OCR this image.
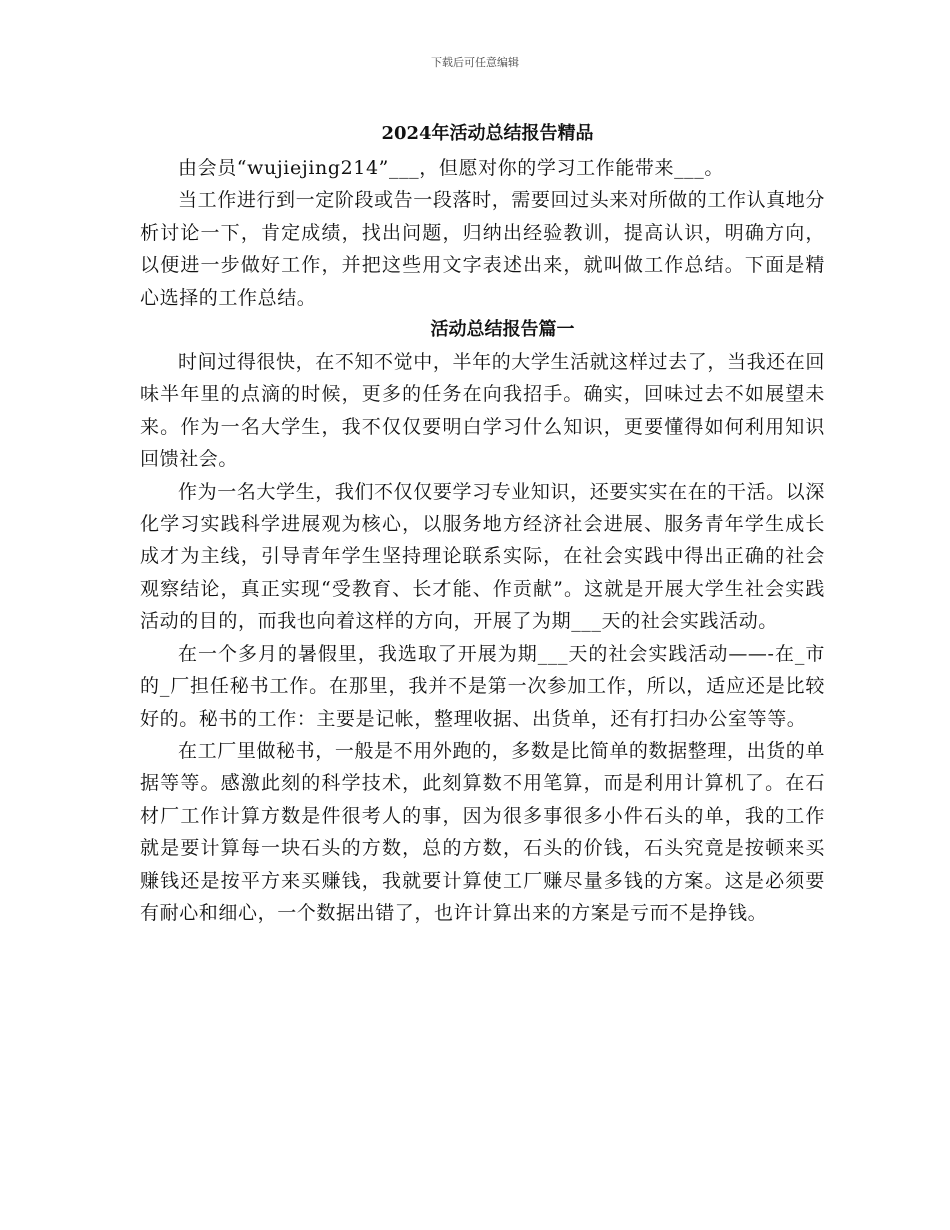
下载后可任意编辑
2024年活动总结报告精品

由会员“wujiejing214”___，但愿对你的学习工作能带来___。

当工作进行到一定阶段或告一段落时，需要回过头来对所做的工作认真地分析讨论一下，肯定成绩，找出问题，归纳出经验教训，提高认识，明确方向，以便进一步做好工作，并把这些用文字表述出来，就叫做工作总结。下面是精心选择的工作总结。

活动总结报告篇一

时间过得很快，在不知不觉中，半年的大学生活就这样过去了，当我还在回味半年里的点滴的时候，更多的任务在向我招手。确实，回味过去不如展望未来。作为一名大学生，我不仅仅要明白学习什么知识，更要懂得如何利用知识回馈社会。

作为一名大学生，我们不仅仅要学习专业知识，还要实实在在的干活。以深化学习实践科学进展观为核心，以服务地方经济社会进展、服务青年学生成长成才为主线，引导青年学生坚持理论联系实际，在社会实践中得出正确的社会观察结论，真正实现“受教育、长才能、作贡献”。这就是开展大学生社会实践活动的目的，而我也向着这样的方向，开展了为期___天的社会实践活动。

在一个多月的暑假里，我选取了开展为期___天的社会实践活动——-在_市的_厂担任秘书工作。在那里，我并不是第一次参加工作，所以，适应还是比较好的。秘书的工作：主要是记帐，整理收据、出货单，还有打扫办公室等等。

在工厂里做秘书，一般是不用外跑的，多数是比简单的数据整理，出货的单据等等。感激此刻的科学技术，此刻算数不用笔算，而是利用计算机了。在石材厂工作计算方数是件很考人的事，因为很多事很多小件石头的单，我的工作就是要计算每一块石头的方数，总的方数，石头的价钱，石头究竟是按顿来买赚钱还是按平方来买赚钱，我就要计算使工厂赚尽量多钱的方案。这是必须要有耐心和细心，一个数据出错了，也许计算出来的方案是亏而不是挣钱。
